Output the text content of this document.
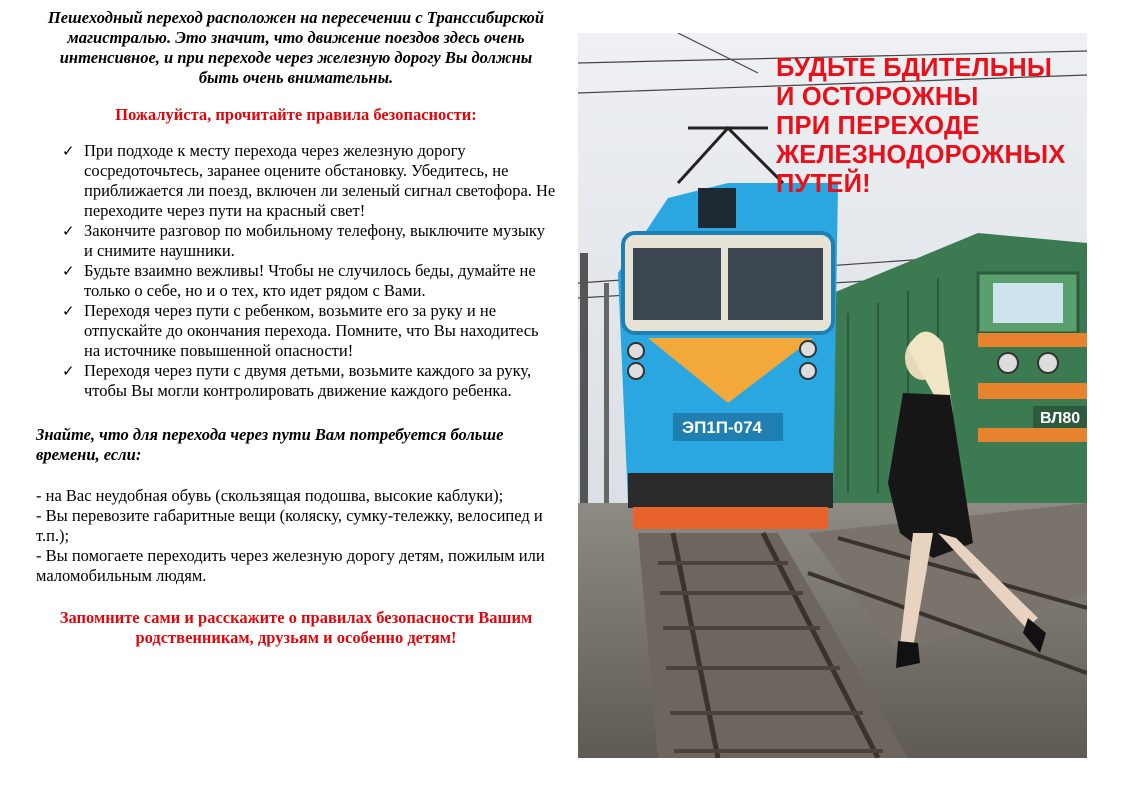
Пешеходный переход расположен на пересечении с Транссибирской магистралью. Это значит, что движение поездов здесь очень интенсивное, и при переходе через железную дорогу Вы должны быть очень внимательны.

Пожалуйста, прочитайте правила безопасности:
✓ При подходе к месту перехода через железную дорогу сосредоточьтесь, заранее оцените обстановку. Убедитесь, не приближается ли поезд, включен ли зеленый сигнал светофора. Не переходите через пути на красный свет!
✓ Закончите разговор по мобильному телефону, выключите музыку и снимите наушники.
✓ Будьте взаимно вежливы! Чтобы не случилось беды, думайте не только о себе, но и о тех, кто идет рядом с Вами.
✓ Переходя через пути с ребенком, возьмите его за руку и не отпускайте до окончания перехода. Помните, что Вы находитесь на источнике повышенной опасности!
✓ Переходя через пути с двумя детьми, возьмите каждого за руку, чтобы Вы могли контролировать движение каждого ребенка.
Знайте, что для перехода через пути Вам потребуется больше времени, если:
- на Вас неудобная обувь (скользящая подошва, высокие каблуки);
- Вы перевозите габаритные вещи (коляску, сумку-тележку, велосипед и т.п.);
- Вы помогаете переходить через железную дорогу детям, пожилым или маломобильным людям.
Запомните сами и расскажите о правилах безопасности Вашим родственникам, друзьям и особенно детям!
ВЛ80
ЭП1П-074
БУДЬТЕ БДИТЕЛЬНЫ
И ОСТОРОЖНЫ
ПРИ ПЕРЕХОДЕ
ЖЕЛЕЗНОДОРОЖНЫХ
ПУТЕЙ!
